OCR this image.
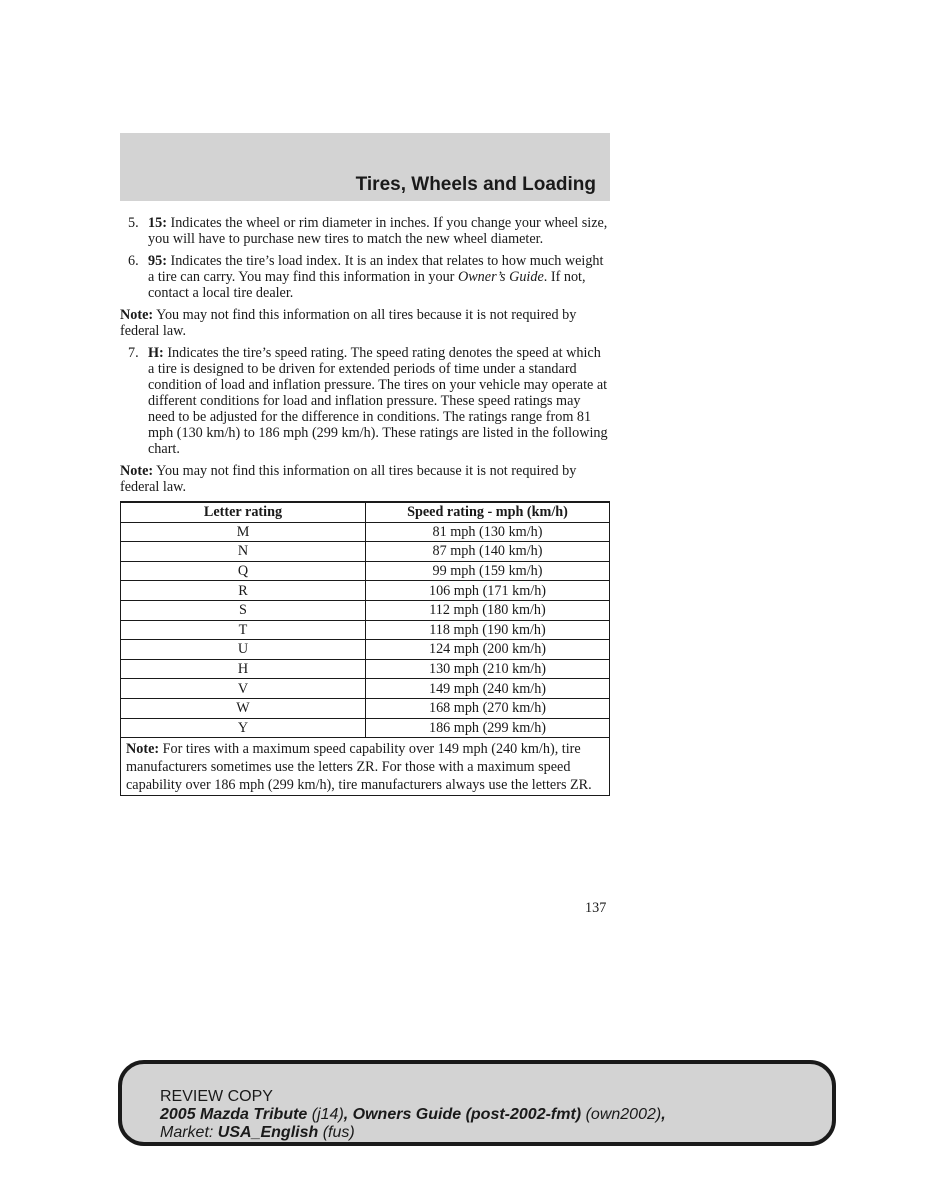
Tires, Wheels and Loading
5. 15: Indicates the wheel or rim diameter in inches. If you change your wheel size, you will have to purchase new tires to match the new wheel diameter.
6. 95: Indicates the tire’s load index. It is an index that relates to how much weight a tire can carry. You may find this information in your Owner’s Guide. If not, contact a local tire dealer.
Note: You may not find this information on all tires because it is not required by federal law.
7. H: Indicates the tire’s speed rating. The speed rating denotes the speed at which a tire is designed to be driven for extended periods of time under a standard condition of load and inflation pressure. The tires on your vehicle may operate at different conditions for load and inflation pressure. These speed ratings may need to be adjusted for the difference in conditions. The ratings range from 81 mph (130 km/h) to 186 mph (299 km/h). These ratings are listed in the following chart.
Note: You may not find this information on all tires because it is not required by federal law.
Letter rating	Speed rating - mph (km/h)
M	81 mph (130 km/h)
N	87 mph (140 km/h)
Q	99 mph (159 km/h)
R	106 mph (171 km/h)
S	112 mph (180 km/h)
T	118 mph (190 km/h)
U	124 mph (200 km/h)
H	130 mph (210 km/h)
V	149 mph (240 km/h)
W	168 mph (270 km/h)
Y	186 mph (299 km/h)
Note: For tires with a maximum speed capability over 149 mph (240 km/h), tire manufacturers sometimes use the letters ZR. For those with a maximum speed capability over 186 mph (299 km/h), tire manufacturers always use the letters ZR.	
137
REVIEW COPY
2005 Mazda Tribute (j14), Owners Guide (post-2002-fmt) (own2002),
Market: USA_English (fus)
